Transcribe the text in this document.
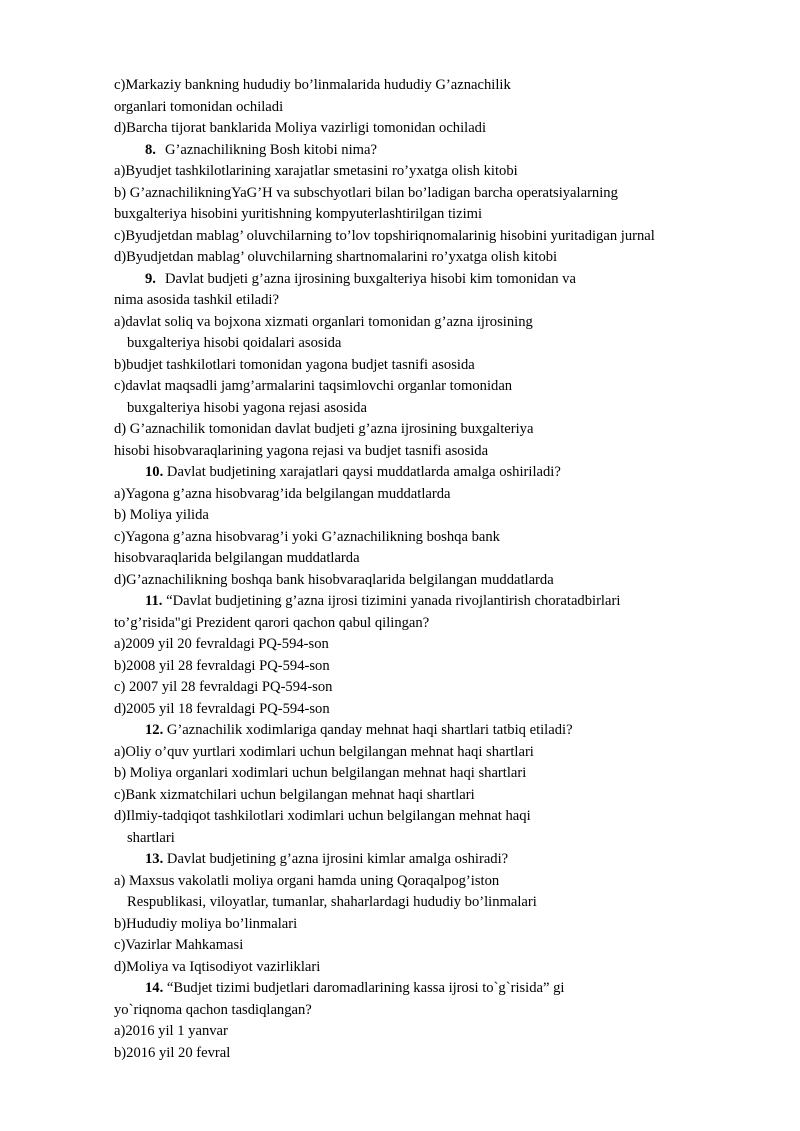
c)Markaziy bankning hududiy bo’linmalarida hududiy G’aznachilik
organlari tomonidan ochiladi
d)Barcha tijorat banklarida Moliya vazirligi tomonidan ochiladi
8. G’aznachilikning Bosh kitobi nima?
a)Byudjet tashkilotlarining xarajatlar smetasini ro’yxatga olish kitobi
b) G’aznachilikningYaG’H va subschyotlari bilan bo’ladigan barcha operatsiyalarning
buxgalteriya hisobini yuritishning kompyuterlashtirilgan tizimi
c)Byudjetdan mablag’ oluvchilarning to’lov topshiriqnomalarinig hisobini yuritadigan jurnal
d)Byudjetdan mablag’ oluvchilarning shartnomalarini ro’yxatga olish kitobi
9. Davlat budjeti g’azna ijrosining buxgalteriya hisobi kim tomonidan va
nima asosida tashkil etiladi?
a)davlat soliq va bojxona xizmati organlari tomonidan g’azna ijrosining
buxgalteriya hisobi qoidalari asosida
b)budjet tashkilotlari tomonidan yagona budjet tasnifi asosida
c)davlat maqsadli jamg’armalarini taqsimlovchi organlar tomonidan
buxgalteriya hisobi yagona rejasi asosida
d) G’aznachilik tomonidan davlat budjeti g’azna ijrosining buxgalteriya
hisobi hisobvaraqlarining yagona rejasi va budjet tasnifi asosida
10. Davlat budjetining xarajatlari qaysi muddatlarda amalga oshiriladi?
a)Yagona g’azna hisobvarag’ida belgilangan muddatlarda
b) Moliya yilida
c)Yagona g’azna hisobvarag’i yoki G’aznachilikning boshqa bank
hisobvaraqlarida belgilangan muddatlarda
d)G’aznachilikning boshqa bank hisobvaraqlarida belgilangan muddatlarda
11. “Davlat budjetining g’azna ijrosi tizimini yanada rivojlantirish choratadbirlari
to’g’risida"gi Prezident qarori qachon qabul qilingan?
a)2009 yil 20 fevraldagi PQ-594-son
b)2008 yil 28 fevraldagi PQ-594-son
c) 2007 yil 28 fevraldagi PQ-594-son
d)2005 yil 18 fevraldagi PQ-594-son
12. G’aznachilik xodimlariga qanday mehnat haqi shartlari tatbiq etiladi?
a)Oliy o’quv yurtlari xodimlari uchun belgilangan mehnat haqi shartlari
b) Moliya organlari xodimlari uchun belgilangan mehnat haqi shartlari
c)Bank xizmatchilari uchun belgilangan mehnat haqi shartlari
d)Ilmiy-tadqiqot tashkilotlari xodimlari uchun belgilangan mehnat haqi
shartlari
13. Davlat budjetining g’azna ijrosini kimlar amalga oshiradi?
a) Maxsus vakolatli moliya organi hamda uning Qoraqalpog’iston
Respublikasi, viloyatlar, tumanlar, shaharlardagi hududiy bo’linmalari
b)Hududiy moliya bo’linmalari
c)Vazirlar Mahkamasi
d)Moliya va Iqtisodiyot vazirliklari
14. “Budjet tizimi budjetlari daromadlarining kassa ijrosi to`g`risida” gi
yo`riqnoma qachon tasdiqlangan?
a)2016 yil 1 yanvar
b)2016 yil 20 fevral
